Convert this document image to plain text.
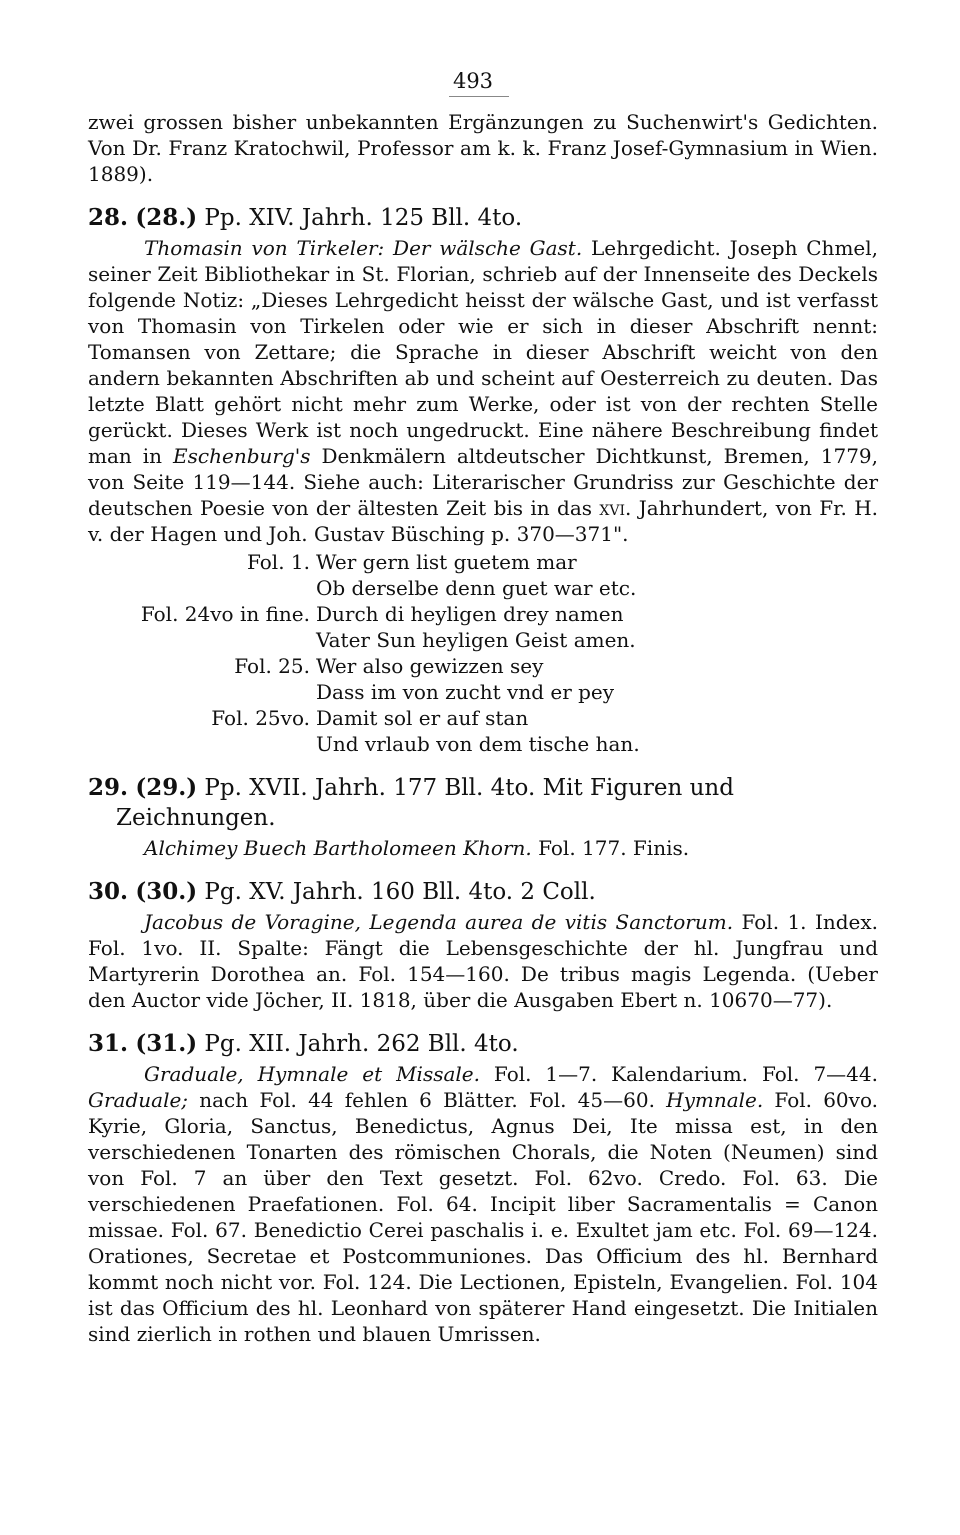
493

zwei grossen bisher unbekannten Ergänzungen zu Suchenwirt's Gedichten. Von Dr. Franz Kratochwil, Professor am k. k. Franz Josef-Gymnasium in Wien. 1889).

28. (28.) Pp. XIV. Jahrh. 125 Bll. 4to.

Thomasin von Tirkeler: Der wälsche Gast. Lehrgedicht. Joseph Chmel, seiner Zeit Bibliothekar in St. Florian, schrieb auf der Innenseite des Deckels folgende Notiz: „Dieses Lehrgedicht heisst der wälsche Gast, und ist verfasst von Thomasin von Tirkelen oder wie er sich in dieser Abschrift nennt: Tomansen von Zettare; die Sprache in dieser Abschrift weicht von den andern bekannten Abschriften ab und scheint auf Oesterreich zu deuten. Das letzte Blatt gehört nicht mehr zum Werke, oder ist von der rechten Stelle gerückt. Dieses Werk ist noch ungedruckt. Eine nähere Beschreibung findet man in Eschenburg's Denkmälern altdeutscher Dichtkunst, Bremen, 1779, von Seite 119—144. Siehe auch: Literarischer Grundriss zur Geschichte der deutschen Poesie von der ältesten Zeit bis in das xvi. Jahrhundert, von Fr. H. v. der Hagen und Joh. Gustav Büsching p. 370—371".

Fol. 1. Wer gern list guetem mar
Ob derselbe denn guet war etc.
Fol. 24vo in fine. Durch di heyligen drey namen
Vater Sun heyligen Geist amen.
Fol. 25. Wer also gewizzen sey
Dass im von zucht vnd er pey
Fol. 25vo. Damit sol er auf stan
Und vrlaub von dem tische han.
29. (29.) Pp. XVII. Jahrh. 177 Bll. 4to. Mit Figuren und Zeichnungen.

Alchimey Buech Bartholomeen Khorn. Fol. 177. Finis.

30. (30.) Pg. XV. Jahrh. 160 Bll. 4to. 2 Coll.

Jacobus de Voragine, Legenda aurea de vitis Sanctorum. Fol. 1. Index. Fol. 1vo. II. Spalte: Fängt die Lebensgeschichte der hl. Jungfrau und Martyrerin Dorothea an. Fol. 154—160. De tribus magis Legenda. (Ueber den Auctor vide Jöcher, II. 1818, über die Ausgaben Ebert n. 10670—77).

31. (31.) Pg. XII. Jahrh. 262 Bll. 4to.

Graduale, Hymnale et Missale. Fol. 1—7. Kalendarium. Fol. 7—44. Graduale; nach Fol. 44 fehlen 6 Blätter. Fol. 45—60. Hymnale. Fol. 60vo. Kyrie, Gloria, Sanctus, Benedictus, Agnus Dei, Ite missa est, in den verschiedenen Tonarten des römischen Chorals, die Noten (Neumen) sind von Fol. 7 an über den Text gesetzt. Fol. 62vo. Credo. Fol. 63. Die verschiedenen Praefationen. Fol. 64. Incipit liber Sacramentalis = Canon missae. Fol. 67. Benedictio Cerei paschalis i. e. Exultet jam etc. Fol. 69—124. Orationes, Secretae et Postcommuniones. Das Officium des hl. Bernhard kommt noch nicht vor. Fol. 124. Die Lectionen, Episteln, Evangelien. Fol. 104 ist das Officium des hl. Leonhard von späterer Hand eingesetzt. Die Initialen sind zierlich in rothen und blauen Umrissen.
